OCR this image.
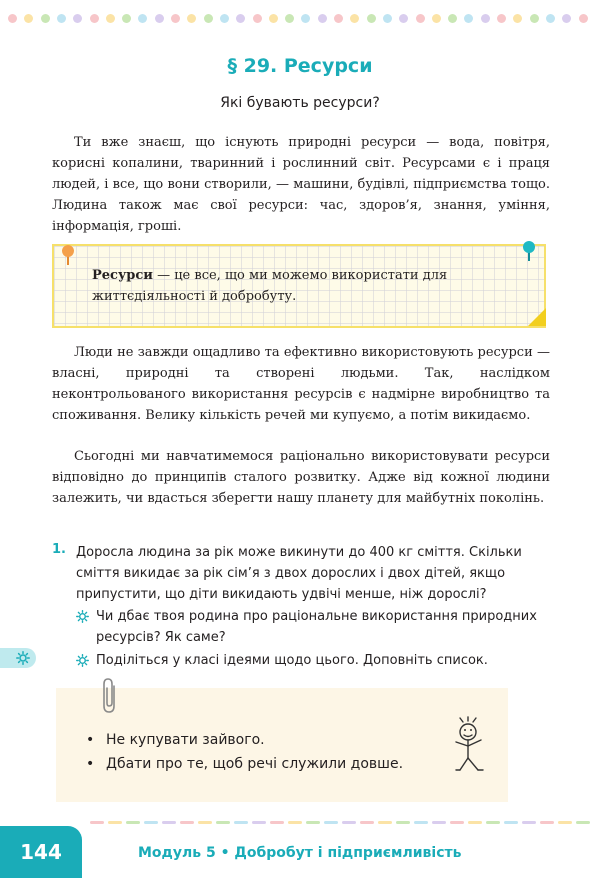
§ 29. Ресурси
Які бувають ресурси?

Ти вже знаєш, що існують природні ресурси — вода, повітря, корисні копалини, тваринний і рослинний світ. Ресурсами є і праця людей, і все, що вони створили, — машини, будівлі, підприємства тощо. Людина також має свої ресурси: час, здоров’я, знання, уміння, інформація, гроші.

Ресурси — це все, що ми можемо використати для життєдіяльності й добробуту.

Люди не завжди ощадливо та ефективно використовують ресурси — власні, природні та створені людьми. Так, наслідком неконтрольованого використання ресурсів є надмірне виробництво та споживання. Велику кількість речей ми купуємо, а потім викидаємо.

Сьогодні ми навчатимемося раціонально використовувати ресурси відповідно до принципів сталого розвитку. Адже від кожної людини залежить, чи вдасться зберегти нашу планету для майбутніх поколінь.

1. Доросла людина за рік може викинути до 400 кг сміття. Скільки сміття викидає за рік сім’я з двох дорослих і двох дітей, якщо припустити, що діти викидають удвічі менше, ніж дорослі?

Чи дбає твоя родина про раціональне використання природних ресурсів? Як саме?

Поділіться у класі ідеями щодо цього. Доповніть список.

• Не купувати зайвого.
• Дбати про те, щоб речі служили довше.
144	Модуль 5 • Добробут і підприємливість
